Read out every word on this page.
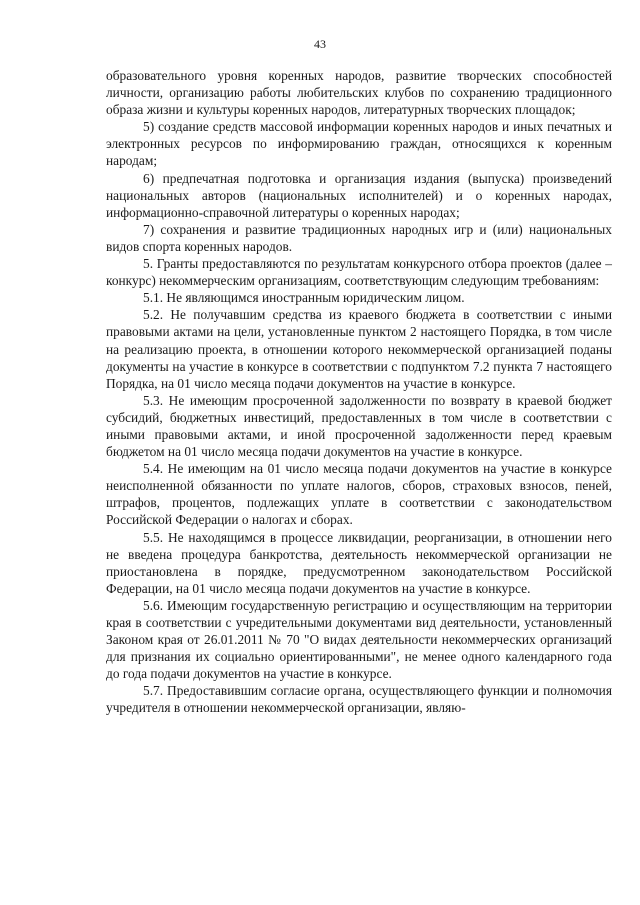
43

образовательного уровня коренных народов, развитие творческих способностей личности, организацию работы любительских клубов по сохранению традиционного образа жизни и культуры коренных народов, литературных творческих площадок;

5) создание средств массовой информации коренных народов и иных печатных и электронных ресурсов по информированию граждан, относящихся к коренным народам;

6) предпечатная подготовка и организация издания (выпуска) произведений национальных авторов (национальных исполнителей) и о коренных народах, информационно-справочной литературы о коренных народах;

7) сохранения и развитие традиционных народных игр и (или) национальных видов спорта коренных народов.

5. Гранты предоставляются по результатам конкурсного отбора проектов (далее – конкурс) некоммерческим организациям, соответствующим следующим требованиям:

5.1. Не являющимся иностранным юридическим лицом.

5.2. Не получавшим средства из краевого бюджета в соответствии с иными правовыми актами на цели, установленные пунктом 2 настоящего Порядка, в том числе на реализацию проекта, в отношении которого некоммерческой организацией поданы документы на участие в конкурсе в соответствии с подпунктом 7.2 пункта 7 настоящего Порядка, на 01 число месяца подачи документов на участие в конкурсе.

5.3. Не имеющим просроченной задолженности по возврату в краевой бюджет субсидий, бюджетных инвестиций, предоставленных в том числе в соответствии с иными правовыми актами, и иной просроченной задолженности перед краевым бюджетом на 01 число месяца подачи документов на участие в конкурсе.

5.4. Не имеющим на 01 число месяца подачи документов на участие в конкурсе неисполненной обязанности по уплате налогов, сборов, страховых взносов, пеней, штрафов, процентов, подлежащих уплате в соответствии с законодательством Российской Федерации о налогах и сборах.

5.5. Не находящимся в процессе ликвидации, реорганизации, в отношении него не введена процедура банкротства, деятельность некоммерческой организации не приостановлена в порядке, предусмотренном законодательством Российской Федерации, на 01 число месяца подачи документов на участие в конкурсе.

5.6. Имеющим государственную регистрацию и осуществляющим на территории края в соответствии с учредительными документами вид деятельности, установленный Законом края от 26.01.2011 № 70 "О видах деятельности некоммерческих организаций для признания их социально ориентированными", не менее одного календарного года до года подачи документов на участие в конкурсе.

5.7. Предоставившим согласие органа, осуществляющего функции и полномочия учредителя в отношении некоммерческой организации, являю-
